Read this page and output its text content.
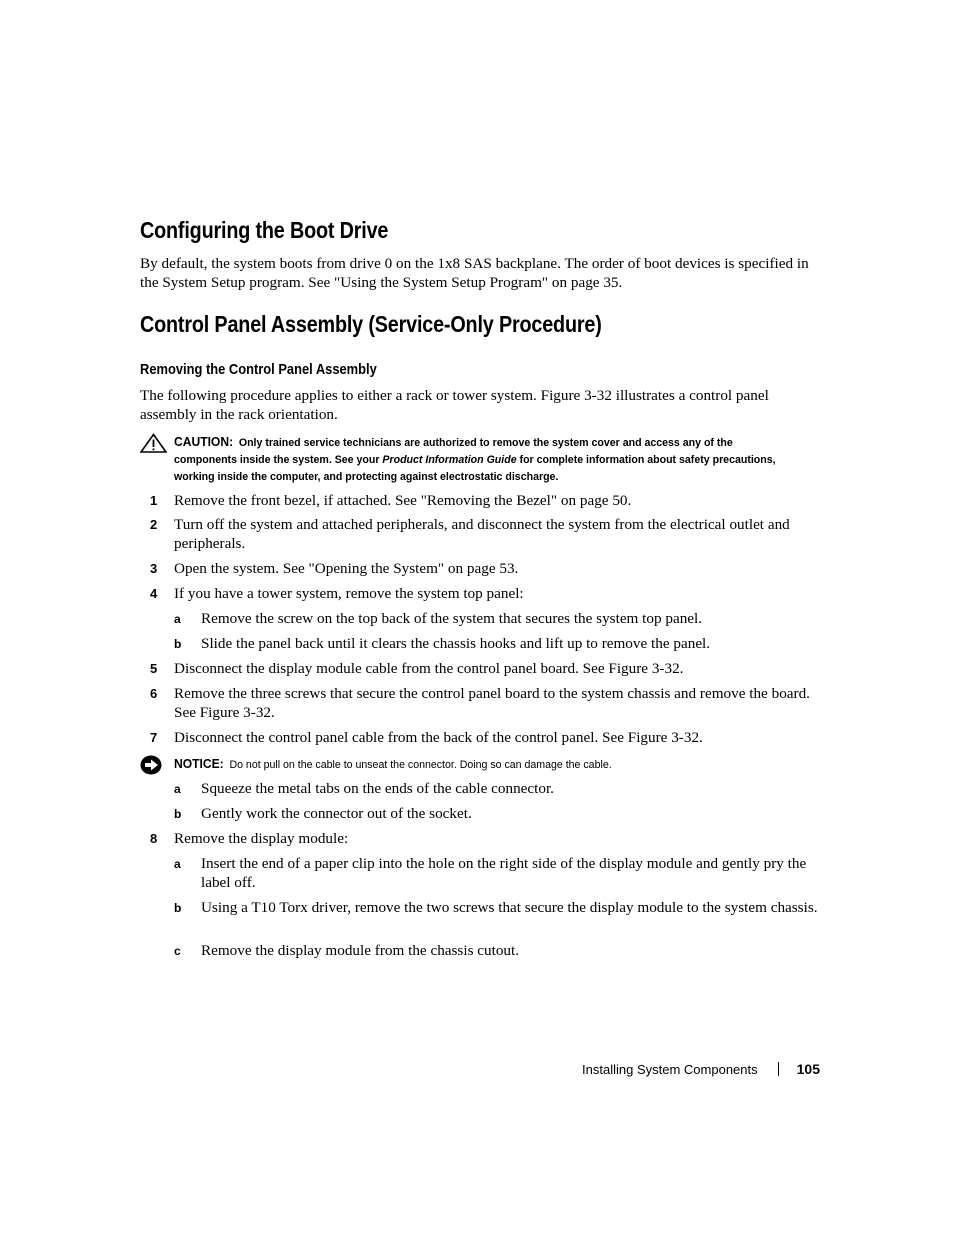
Configuring the Boot Drive

By default, the system boots from drive 0 on the 1x8 SAS backplane. The order of boot devices is specified in the System Setup program. See "Using the System Setup Program" on page 35.

Control Panel Assembly (Service-Only Procedure)
Removing the Control Panel Assembly

The following procedure applies to either a rack or tower system. Figure 3-32 illustrates a control panel assembly in the rack orientation.

CAUTION: Only trained service technicians are authorized to remove the system cover and access any of the components inside the system. See your Product Information Guide for complete information about safety precautions, working inside the computer, and protecting against electrostatic discharge.
1 Remove the front bezel, if attached. See "Removing the Bezel" on page 50.
2 Turn off the system and attached peripherals, and disconnect the system from the electrical outlet and peripherals.
3 Open the system. See "Opening the System" on page 53.
4 If you have a tower system, remove the system top panel:
a Remove the screw on the top back of the system that secures the system top panel.
b Slide the panel back until it clears the chassis hooks and lift up to remove the panel.
5 Disconnect the display module cable from the control panel board. See Figure 3-32.
6 Remove the three screws that secure the control panel board to the system chassis and remove the board. See Figure 3-32.
7 Disconnect the control panel cable from the back of the control panel. See Figure 3-32.
NOTICE: Do not pull on the cable to unseat the connector. Doing so can damage the cable.
a Squeeze the metal tabs on the ends of the cable connector.
b Gently work the connector out of the socket.
8 Remove the display module:
a Insert the end of a paper clip into the hole on the right side of the display module and gently pry the label off.
b Using a T10 Torx driver, remove the two screws that secure the display module to the system chassis.
c Remove the display module from the chassis cutout.
Installing System Components	105
